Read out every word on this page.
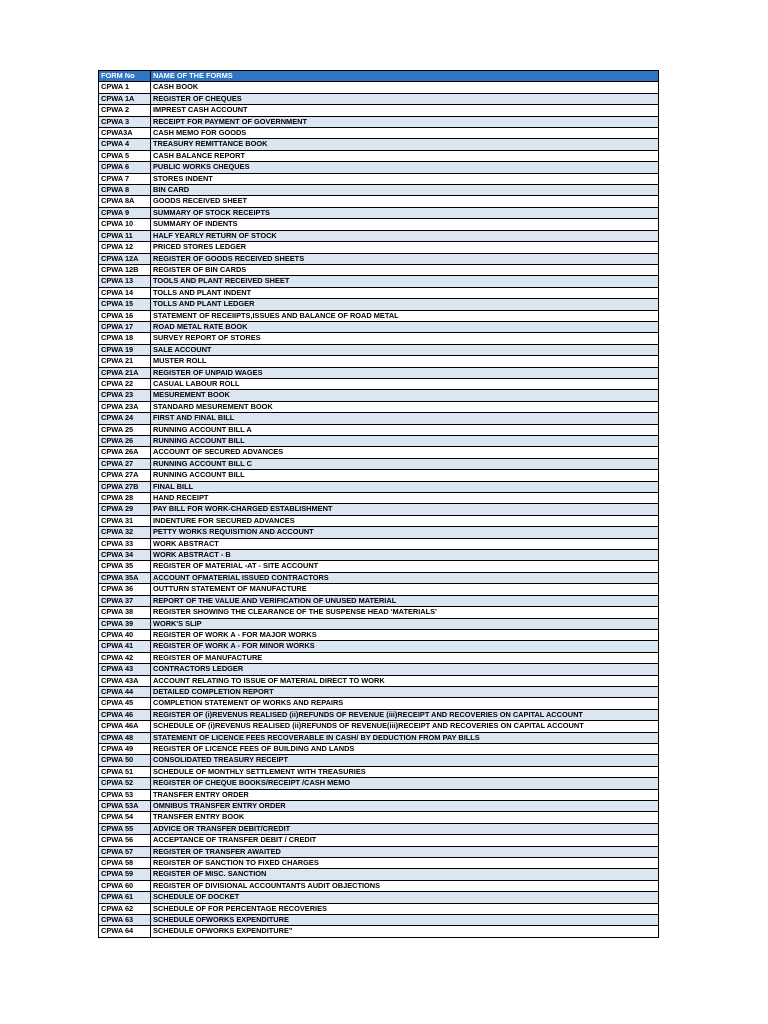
FORM No	NAME OF THE FORMS
CPWA 1	CASH BOOK
CPWA 1A	REGISTER OF CHEQUES
CPWA 2	IMPREST CASH ACCOUNT
CPWA 3	RECEIPT FOR PAYMENT OF GOVERNMENT
CPWA3A	CASH MEMO FOR GOODS
CPWA 4	TREASURY REMITTANCE BOOK
CPWA 5	CASH BALANCE REPORT
CPWA 6	PUBLIC WORKS CHEQUES
CPWA 7	STORES INDENT
CPWA 8	BIN CARD
CPWA 8A	GOODS RECEIVED SHEET
CPWA 9	SUMMARY OF STOCK RECEIPTS
CPWA 10	SUMMARY OF INDENTS
CPWA 11	HALF YEARLY RETURN OF STOCK
CPWA 12	PRICED STORES LEDGER
CPWA 12A	REGISTER OF GOODS RECEIVED SHEETS
CPWA 12B	REGISTER OF BIN CARDS
CPWA 13	TOOLS AND PLANT RECEIVED SHEET
CPWA 14	TOLLS AND PLANT INDENT
CPWA 15	TOLLS AND PLANT LEDGER
CPWA 16	STATEMENT OF RECEIIPTS,ISSUES AND BALANCE OF ROAD METAL
CPWA 17	ROAD METAL RATE BOOK
CPWA 18	SURVEY REPORT OF STORES
CPWA 19	SALE ACCOUNT
CPWA 21	MUSTER ROLL
CPWA 21A	REGISTER OF UNPAID WAGES
CPWA 22	CASUAL LABOUR ROLL
CPWA 23	MESUREMENT BOOK
CPWA 23A	STANDARD MESUREMENT BOOK
CPWA 24	FIRST AND FINAL BILL
CPWA 25	RUNNING ACCOUNT BILL A
CPWA 26	RUNNING ACCOUNT BILL
CPWA 26A	ACCOUNT OF SECURED ADVANCES
CPWA 27	RUNNING ACCOUNT BILL C
CPWA 27A	RUNNING ACCOUNT BILL
CPWA 27B	FINAL BILL
CPWA 28	HAND RECEIPT
CPWA 29	PAY BILL FOR WORK-CHARGED ESTABLISHMENT
CPWA 31	INDENTURE FOR SECURED ADVANCES
CPWA 32	PETTY WORKS REQUISITION AND ACCOUNT
CPWA 33	WORK ABSTRACT
CPWA 34	WORK ABSTRACT - B
CPWA 35	REGISTER OF MATERIAL -AT - SITE ACCOUNT
CPWA 35A	ACCOUNT OFMATERIAL ISSUED CONTRACTORS
CPWA 36	OUTTURN STATEMENT OF MANUFACTURE
CPWA 37	REPORT OF THE VALUE AND VERIFICATION OF UNUSED MATERIAL
CPWA 38	REGISTER SHOWING THE CLEARANCE OF THE SUSPENSE HEAD 'MATERIALS'
CPWA 39	WORK'S SLIP
CPWA 40	REGISTER OF WORK A - FOR MAJOR WORKS
CPWA 41	REGISTER OF WORK A - FOR MINOR WORKS
CPWA 42	REGISTER OF MANUFACTURE
CPWA 43	CONTRACTORS LEDGER
CPWA 43A	ACCOUNT RELATING TO ISSUE OF MATERIAL DIRECT TO WORK
CPWA 44	DETAILED COMPLETION REPORT
CPWA 45	COMPLETION STATEMENT OF WORKS AND REPAIRS
CPWA 46	REGISTER OF (i)REVENUS REALISED (ii)REFUNDS OF REVENUE (iii)RECEIPT AND RECOVERIES ON CAPITAL ACCOUNT
CPWA 46A	SCHEDULE OF (i)REVENUS REALISED (ii)REFUNDS OF REVENUE(iii)RECEIPT AND RECOVERIES ON CAPITAL ACCOUNT
CPWA 48	STATEMENT OF LICENCE FEES RECOVERABLE IN CASH/ BY DEDUCTION FROM PAY BILLS
CPWA 49	REGISTER OF LICENCE FEES OF BUILDING AND LANDS
CPWA 50	CONSOLIDATED TREASURY RECEIPT
CPWA 51	SCHEDULE OF MONTHLY SETTLEMENT WITH TREASURIES
CPWA 52	REGISTER OF CHEQUE BOOKS/RECEIPT /CASH MEMO
CPWA 53	TRANSFER ENTRY ORDER
CPWA 53A	OMNIBUS TRANSFER ENTRY ORDER
CPWA 54	TRANSFER ENTRY BOOK
CPWA 55	ADVICE OR TRANSFER DEBIT/CREDIT
CPWA 56	ACCEPTANCE OF TRANSFER DEBIT / CREDIT
CPWA 57	REGISTER OF TRANSFER AWAITED
CPWA 58	REGISTER OF SANCTION TO FIXED CHARGES
CPWA 59	REGISTER OF MISC. SANCTION
CPWA 60	REGISTER OF DIVISIONAL ACCOUNTANTS AUDIT OBJECTIONS
CPWA 61	SCHEDULE OF DOCKET
CPWA 62	SCHEDULE OF FOR PERCENTAGE RECOVERIES
CPWA 63	SCHEDULE OFWORKS EXPENDITURE
CPWA 64	SCHEDULE OFWORKS EXPENDITURE"
